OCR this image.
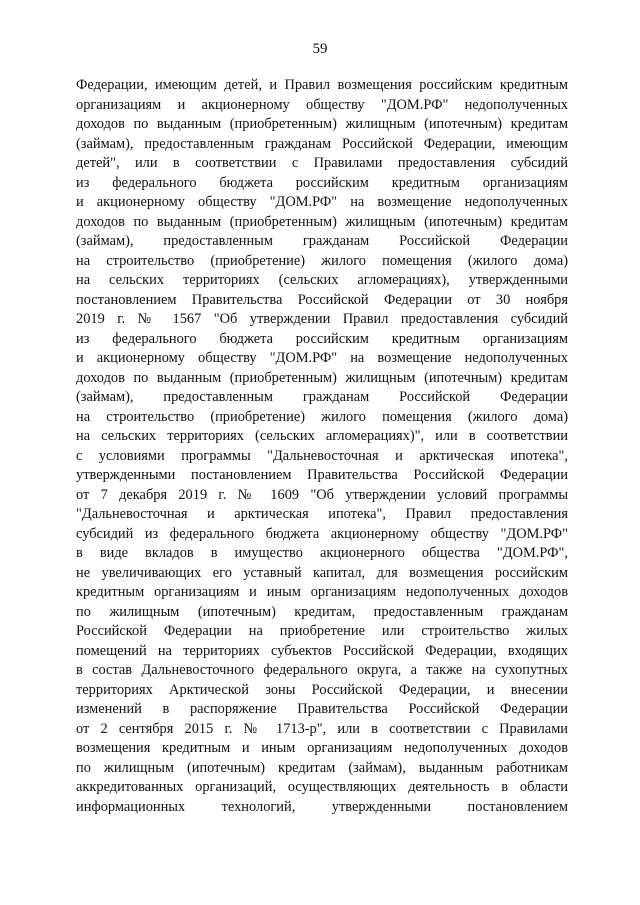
59
Федерации, имеющим детей, и Правил возмещения российским кредитным
организациям и акционерному обществу "ДОМ.РФ" недополученных
доходов по выданным (приобретенным) жилищным (ипотечным) кредитам
(займам), предоставленным гражданам Российской Федерации, имеющим
детей", или в соответствии с Правилами предоставления субсидий
из федерального бюджета российским кредитным организациям
и акционерному обществу "ДОМ.РФ" на возмещение недополученных
доходов по выданным (приобретенным) жилищным (ипотечным) кредитам
(займам), предоставленным гражданам Российской Федерации
на строительство (приобретение) жилого помещения (жилого дома)
на сельских территориях (сельских агломерациях), утвержденными
постановлением Правительства Российской Федерации от 30 ноября
2019 г. № 1567 "Об утверждении Правил предоставления субсидий
из федерального бюджета российским кредитным организациям
и акционерному обществу "ДОМ.РФ" на возмещение недополученных
доходов по выданным (приобретенным) жилищным (ипотечным) кредитам
(займам), предоставленным гражданам Российской Федерации
на строительство (приобретение) жилого помещения (жилого дома)
на сельских территориях (сельских агломерациях)", или в соответствии
с условиями программы "Дальневосточная и арктическая ипотека",
утвержденными постановлением Правительства Российской Федерации
от 7 декабря 2019 г. № 1609 "Об утверждении условий программы
"Дальневосточная и арктическая ипотека", Правил предоставления
субсидий из федерального бюджета акционерному обществу "ДОМ.РФ"
в виде вкладов в имущество акционерного общества "ДОМ.РФ",
не увеличивающих его уставный капитал, для возмещения российским
кредитным организациям и иным организациям недополученных доходов
по жилищным (ипотечным) кредитам, предоставленным гражданам
Российской Федерации на приобретение или строительство жилых
помещений на территориях субъектов Российской Федерации, входящих
в состав Дальневосточного федерального округа, а также на сухопутных
территориях Арктической зоны Российской Федерации, и внесении
изменений в распоряжение Правительства Российской Федерации
от 2 сентября 2015 г. № 1713-р", или в соответствии с Правилами
возмещения кредитным и иным организациям недополученных доходов
по жилищным (ипотечным) кредитам (займам), выданным работникам
аккредитованных организаций, осуществляющих деятельность в области
информационных технологий, утвержденными постановлением
